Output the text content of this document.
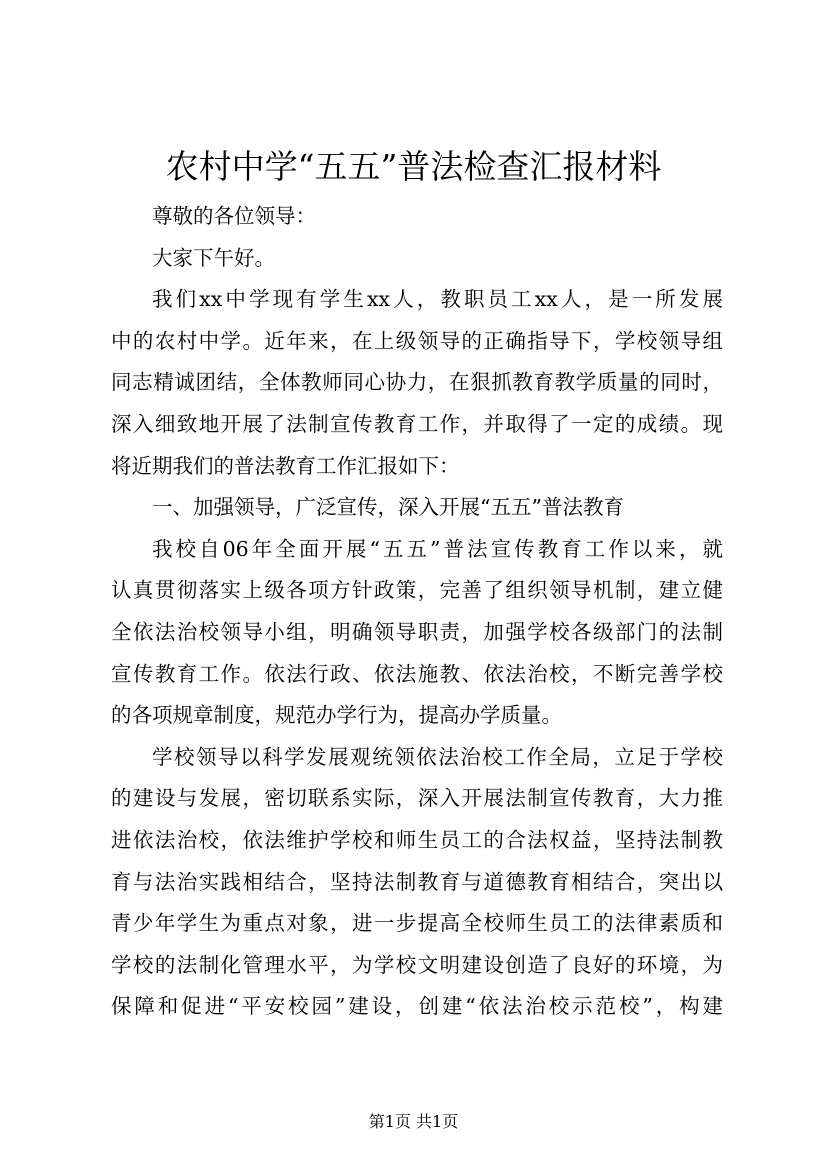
农村中学“五五”普法检查汇报材料
尊敬的各位领导：
大家下午好。
我们xx中学现有学生xx人，教职员工xx人，是一所发展
中的农村中学。近年来，在上级领导的正确指导下，学校领导组
同志精诚团结，全体教师同心协力，在狠抓教育教学质量的同时，
深入细致地开展了法制宣传教育工作，并取得了一定的成绩。现
将近期我们的普法教育工作汇报如下：
一、加强领导，广泛宣传，深入开展“五五”普法教育
我校自06年全面开展“五五”普法宣传教育工作以来，就
认真贯彻落实上级各项方针政策，完善了组织领导机制，建立健
全依法治校领导小组，明确领导职责，加强学校各级部门的法制
宣传教育工作。依法行政、依法施教、依法治校，不断完善学校
的各项规章制度，规范办学行为，提高办学质量。
学校领导以科学发展观统领依法治校工作全局，立足于学校
的建设与发展，密切联系实际，深入开展法制宣传教育，大力推
进依法治校，依法维护学校和师生员工的合法权益，坚持法制教
育与法治实践相结合，坚持法制教育与道德教育相结合，突出以
青少年学生为重点对象，进一步提高全校师生员工的法律素质和
学校的法制化管理水平，为学校文明建设创造了良好的环境，为
保障和促进“平安校园”建设，创建“依法治校示范校”，构建
第1页 共1页
